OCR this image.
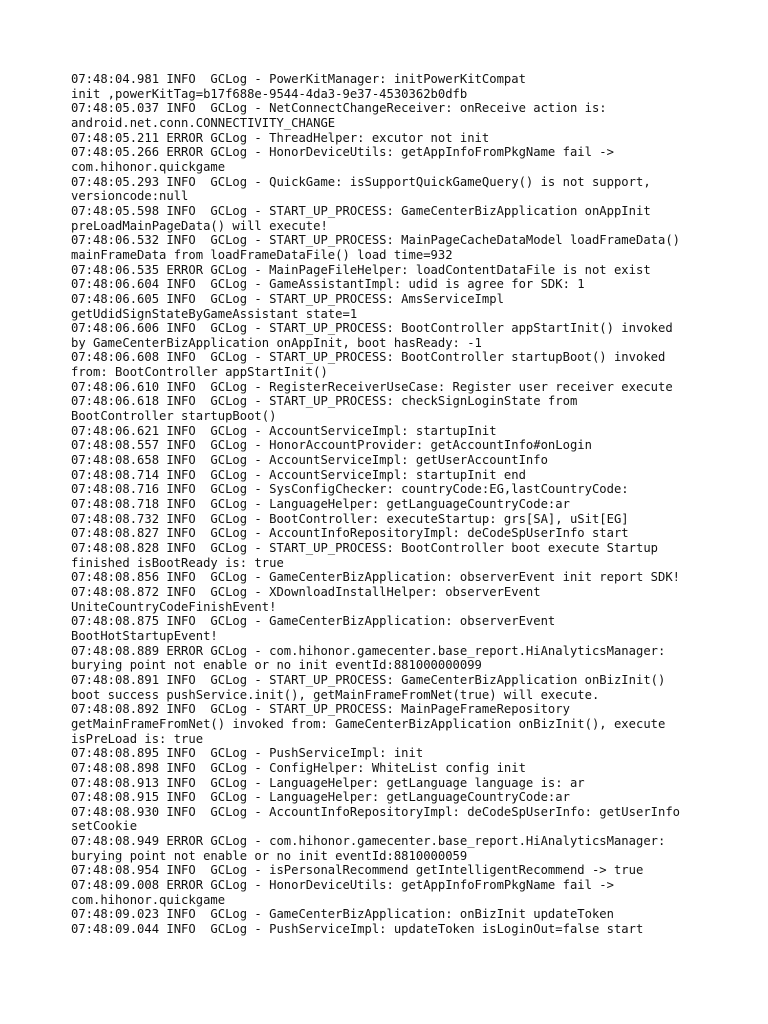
07:48:04.981 INFO  GCLog - PowerKitManager: initPowerKitCompat
init ,powerKitTag=b17f688e-9544-4da3-9e37-4530362b0dfb
07:48:05.037 INFO  GCLog - NetConnectChangeReceiver: onReceive action is:
android.net.conn.CONNECTIVITY_CHANGE
07:48:05.211 ERROR GCLog - ThreadHelper: excutor not init
07:48:05.266 ERROR GCLog - HonorDeviceUtils: getAppInfoFromPkgName fail ->
com.hihonor.quickgame
07:48:05.293 INFO  GCLog - QuickGame: isSupportQuickGameQuery() is not support,
versioncode:null
07:48:05.598 INFO  GCLog - START_UP_PROCESS: GameCenterBizApplication onAppInit
preLoadMainPageData() will execute!
07:48:06.532 INFO  GCLog - START_UP_PROCESS: MainPageCacheDataModel loadFrameData()
mainFrameData from loadFrameDataFile() load time=932
07:48:06.535 ERROR GCLog - MainPageFileHelper: loadContentDataFile is not exist
07:48:06.604 INFO  GCLog - GameAssistantImpl: udid is agree for SDK: 1
07:48:06.605 INFO  GCLog - START_UP_PROCESS: AmsServiceImpl
getUdidSignStateByGameAssistant state=1
07:48:06.606 INFO  GCLog - START_UP_PROCESS: BootController appStartInit() invoked
by GameCenterBizApplication onAppInit, boot hasReady: -1
07:48:06.608 INFO  GCLog - START_UP_PROCESS: BootController startupBoot() invoked
from: BootController appStartInit()
07:48:06.610 INFO  GCLog - RegisterReceiverUseCase: Register user receiver execute
07:48:06.618 INFO  GCLog - START_UP_PROCESS: checkSignLoginState from
BootController startupBoot()
07:48:06.621 INFO  GCLog - AccountServiceImpl: startupInit
07:48:08.557 INFO  GCLog - HonorAccountProvider: getAccountInfo#onLogin
07:48:08.658 INFO  GCLog - AccountServiceImpl: getUserAccountInfo
07:48:08.714 INFO  GCLog - AccountServiceImpl: startupInit end
07:48:08.716 INFO  GCLog - SysConfigChecker: countryCode:EG,lastCountryCode:
07:48:08.718 INFO  GCLog - LanguageHelper: getLanguageCountryCode:ar
07:48:08.732 INFO  GCLog - BootController: executeStartup: grs[SA], uSit[EG]
07:48:08.827 INFO  GCLog - AccountInfoRepositoryImpl: deCodeSpUserInfo start
07:48:08.828 INFO  GCLog - START_UP_PROCESS: BootController boot execute Startup
finished isBootReady is: true
07:48:08.856 INFO  GCLog - GameCenterBizApplication: observerEvent init report SDK!
07:48:08.872 INFO  GCLog - XDownloadInstallHelper: observerEvent
UniteCountryCodeFinishEvent!
07:48:08.875 INFO  GCLog - GameCenterBizApplication: observerEvent
BootHotStartupEvent!
07:48:08.889 ERROR GCLog - com.hihonor.gamecenter.base_report.HiAnalyticsManager:
burying point not enable or no init eventId:881000000099
07:48:08.891 INFO  GCLog - START_UP_PROCESS: GameCenterBizApplication onBizInit()
boot success pushService.init(), getMainFrameFromNet(true) will execute.
07:48:08.892 INFO  GCLog - START_UP_PROCESS: MainPageFrameRepository
getMainFrameFromNet() invoked from: GameCenterBizApplication onBizInit(), execute
isPreLoad is: true
07:48:08.895 INFO  GCLog - PushServiceImpl: init
07:48:08.898 INFO  GCLog - ConfigHelper: WhiteList config init
07:48:08.913 INFO  GCLog - LanguageHelper: getLanguage language is: ar
07:48:08.915 INFO  GCLog - LanguageHelper: getLanguageCountryCode:ar
07:48:08.930 INFO  GCLog - AccountInfoRepositoryImpl: deCodeSpUserInfo: getUserInfo
setCookie
07:48:08.949 ERROR GCLog - com.hihonor.gamecenter.base_report.HiAnalyticsManager:
burying point not enable or no init eventId:8810000059
07:48:08.954 INFO  GCLog - isPersonalRecommend getIntelligentRecommend -> true
07:48:09.008 ERROR GCLog - HonorDeviceUtils: getAppInfoFromPkgName fail ->
com.hihonor.quickgame
07:48:09.023 INFO  GCLog - GameCenterBizApplication: onBizInit updateToken
07:48:09.044 INFO  GCLog - PushServiceImpl: updateToken isLoginOut=false start
